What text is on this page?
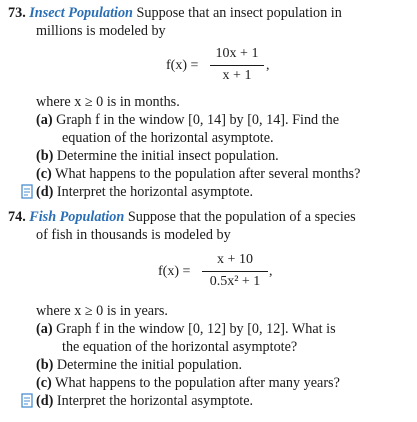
73. Insect Population Suppose that an insect population in
millions is modeled by
f(x) =
10x + 1
x + 1
,
where x ≥ 0 is in months.
(a) Graph f in the window [0, 14] by [0, 14]. Find the
equation of the horizontal asymptote.
(b) Determine the initial insect population.
(c) What happens to the population after several months?
(d) Interpret the horizontal asymptote.
74. Fish Population Suppose that the population of a species
of fish in thousands is modeled by
f(x) =
x + 10
0.5x² + 1
,
where x ≥ 0 is in years.
(a) Graph f in the window [0, 12] by [0, 12]. What is
the equation of the horizontal asymptote?
(b) Determine the initial population.
(c) What happens to the population after many years?
(d) Interpret the horizontal asymptote.
